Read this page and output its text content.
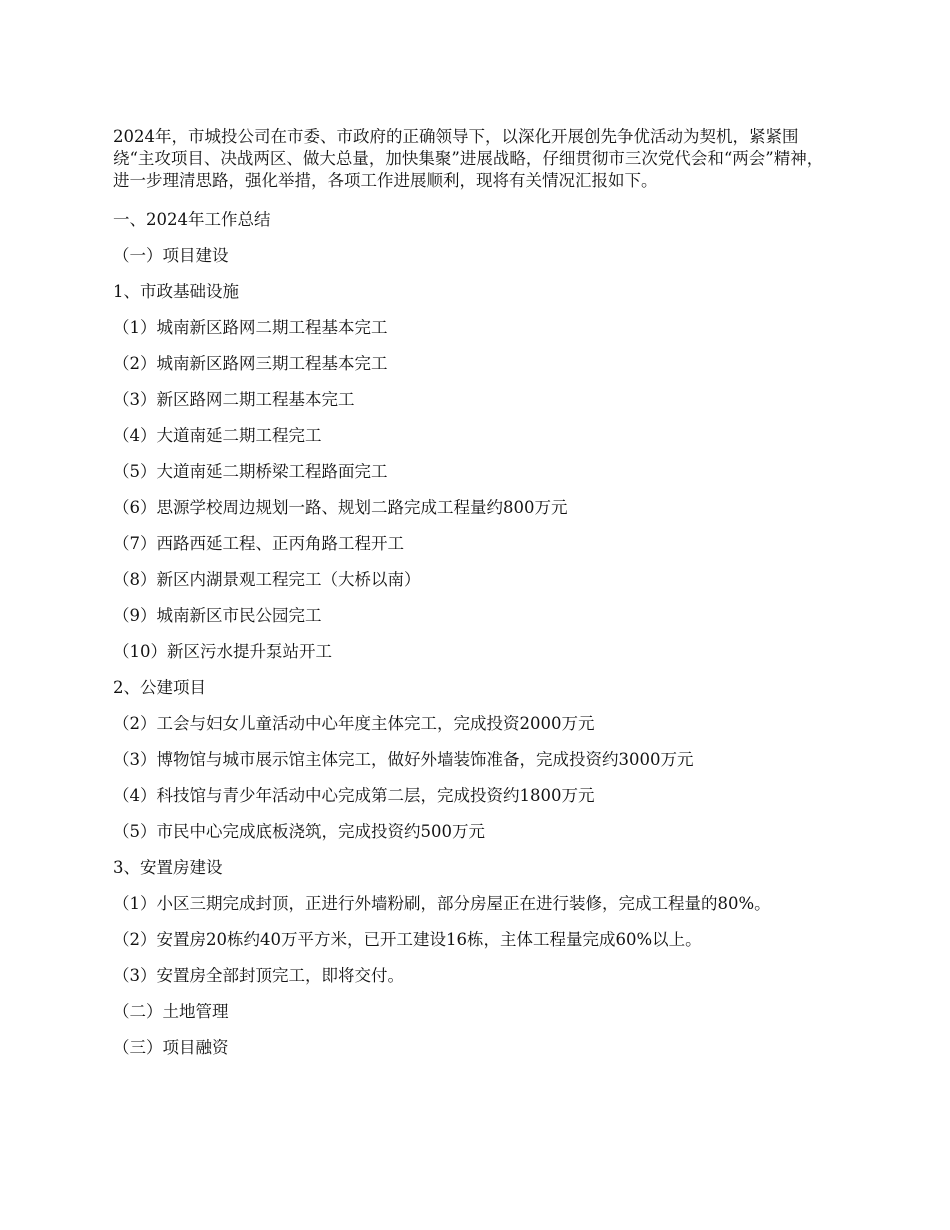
2024年，市城投公司在市委、市政府的正确领导下，以深化开展创先争优活动为契机，紧紧围绕“主攻项目、决战两区、做大总量，加快集聚”进展战略，仔细贯彻市三次党代会和“两会”精神，进一步理清思路，强化举措，各项工作进展顺利，现将有关情况汇报如下。

一、2024年工作总结

（一）项目建设

1、市政基础设施

（1）城南新区路网二期工程基本完工

（2）城南新区路网三期工程基本完工

（3）新区路网二期工程基本完工

（4）大道南延二期工程完工

（5）大道南延二期桥梁工程路面完工

（6）思源学校周边规划一路、规划二路完成工程量约800万元

（7）西路西延工程、正丙角路工程开工

（8）新区内湖景观工程完工（大桥以南）

（9）城南新区市民公园完工

（10）新区污水提升泵站开工

2、公建项目

（2）工会与妇女儿童活动中心年度主体完工，完成投资2000万元

（3）博物馆与城市展示馆主体完工，做好外墙装饰准备，完成投资约3000万元

（4）科技馆与青少年活动中心完成第二层，完成投资约1800万元

（5）市民中心完成底板浇筑，完成投资约500万元

3、安置房建设

（1）小区三期完成封顶，正进行外墙粉刷，部分房屋正在进行装修，完成工程量的80%。

（2）安置房20栋约40万平方米，已开工建设16栋，主体工程量完成60%以上。

（3）安置房全部封顶完工，即将交付。

（二）土地管理

（三）项目融资
